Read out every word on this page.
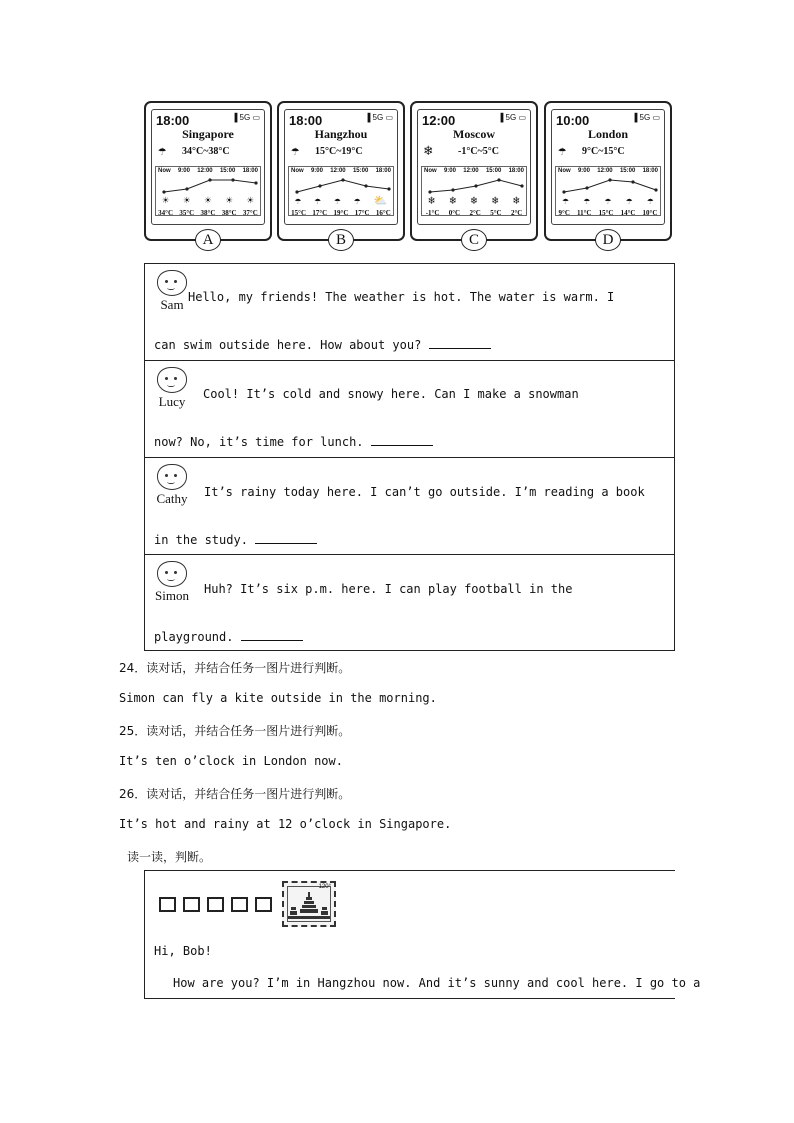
18:00	▐ 5G ▭
Singapore
☂ 34°C~38°C
Now 9:00 12:00 15:00 18:00
☀ ☀ ☀ ☀ ☀
34°C 35°C 38°C 38°C 37°C
A
18:00	▐ 5G ▭
Hangzhou
☂ 15°C~19°C
Now 9:00 12:00 15:00 18:00
☂ ☂ ☂ ☂ ⛅
15°C 17°C 19°C 17°C 16°C
B
12:00	▐ 5G ▭
Moscow
❄	-1°C~5°C
Now 9:00 12:00 15:00 18:00
❄ ❄ ❄ ❄ ❄
-1°C 0°C 2°C 5°C 2°C
C
10:00	▐ 5G ▭
London
☂ 9°C~15°C
Now 9:00 12:00 15:00 18:00
☂ ☂ ☂ ☂ ☂
9°C 11°C 15°C 14°C 10°C
D
Sam Hello, my friends! The weather is hot. The water is warm. I
can swim outside here. How about you?
Lucy	Cool! It’s cold and snowy here. Can I make a snowman
now? No, it’s time for lunch.
Cathy It’s rainy today here. I can’t go outside. I’m reading a book
in the study.
Simon Huh? It’s six p.m. here. I can play football in the
playground.
24．读对话，并结合任务一图片进行判断。
Simon can fly a kite outside in the morning.
25．读对话，并结合任务一图片进行判断。
It’s ten o’clock in London now.
26．读对话，并结合任务一图片进行判断。
It’s hot and rainy at 12 o’clock in Singapore.
读一读，判断。
120°
Hi, Bob!
How are you? I’m in Hangzhou now. And it’s sunny and cool here. I go to a
